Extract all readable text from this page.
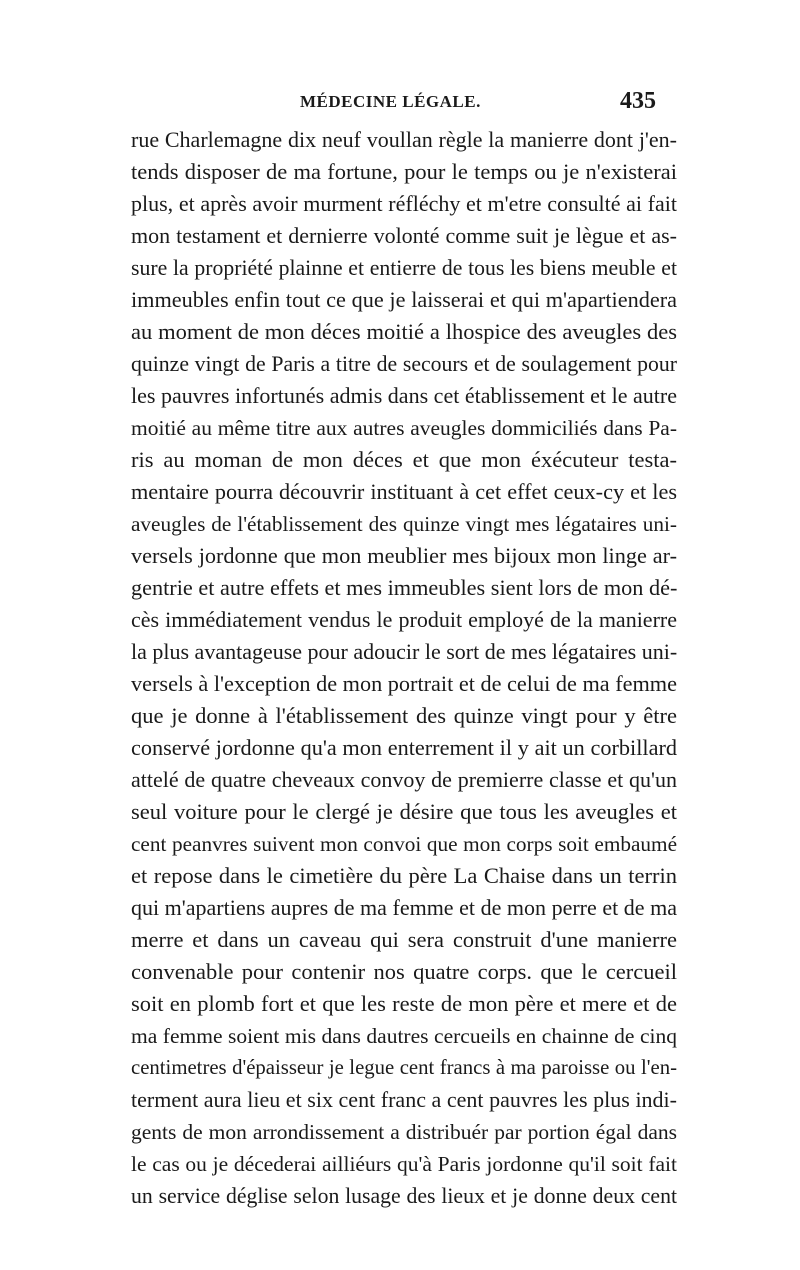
MÉDECINE LÉGALE.	435
rue Charlemagne dix neuf voullan règle la manierre dont j'en-
tends disposer de ma fortune, pour le temps ou je n'existerai
plus, et après avoir murment réfléchy et m'etre consulté ai fait
mon testament et dernierre volonté comme suit je lègue et as-
sure la propriété plainne et entierre de tous les biens meuble et
immeubles enfin tout ce que je laisserai et qui m'apartiendera
au moment de mon déces moitié a lhospice des aveugles des
quinze vingt de Paris a titre de secours et de soulagement pour
les pauvres infortunés admis dans cet établissement et le autre
moitié au même titre aux autres aveugles dommiciliés dans Pa-
ris au moman de mon déces et que mon éxécuteur testa-
mentaire pourra découvrir instituant à cet effet ceux-cy et les
aveugles de l'établissement des quinze vingt mes légataires uni-
versels jordonne que mon meublier mes bijoux mon linge ar-
gentrie et autre effets et mes immeubles sient lors de mon dé-
cès immédiatement vendus le produit employé de la manierre
la plus avantageuse pour adoucir le sort de mes légataires uni-
versels à l'exception de mon portrait et de celui de ma femme
que je donne à l'établissement des quinze vingt pour y être
conservé jordonne qu'a mon enterrement il y ait un corbillard
attelé de quatre cheveaux convoy de premierre classe et qu'un
seul voiture pour le clergé je désire que tous les aveugles et
cent peanvres suivent mon convoi que mon corps soit embaumé
et repose dans le cimetière du père La Chaise dans un terrin
qui m'apartiens aupres de ma femme et de mon perre et de ma
merre et dans un caveau qui sera construit d'une manierre
convenable pour contenir nos quatre corps. que le cercueil
soit en plomb fort et que les reste de mon père et mere et de
ma femme soient mis dans dautres cercueils en chainne de cinq
centimetres d'épaisseur je legue cent francs à ma paroisse ou l'en-
terment aura lieu et six cent franc a cent pauvres les plus indi-
gents de mon arrondissement a distribuér par portion égal dans
le cas ou je décederai ailliéurs qu'à Paris jordonne qu'il soit fait
un service déglise selon lusage des lieux et je donne deux cent
